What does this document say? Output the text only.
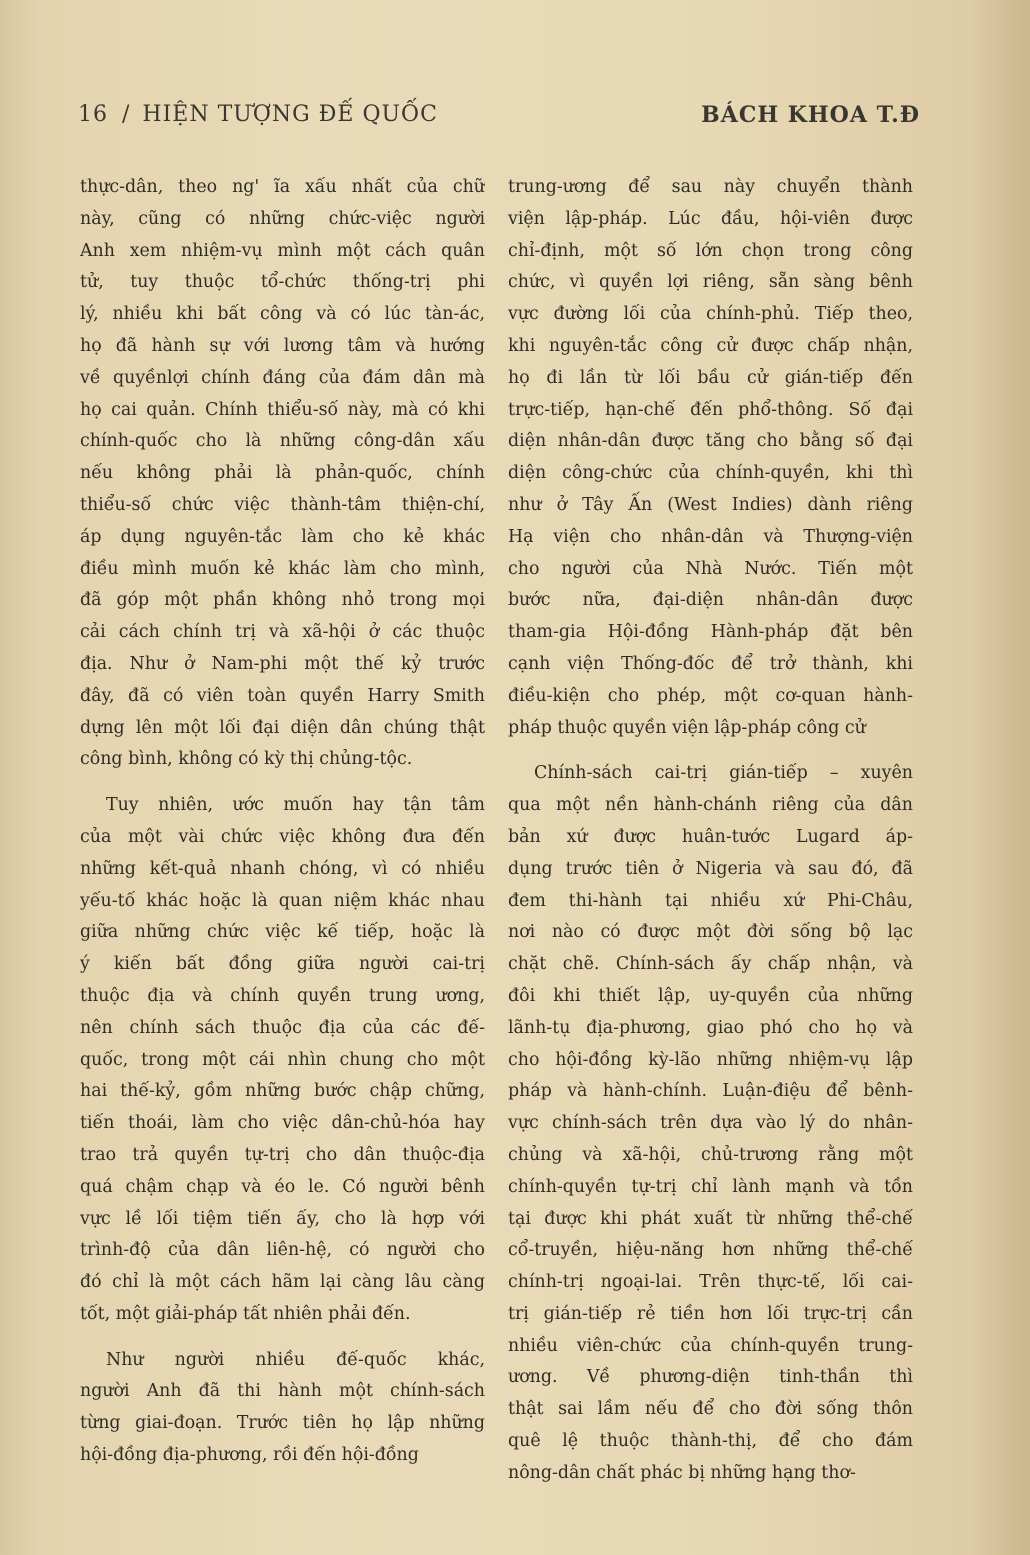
16 / HIỆN TƯỢNG ĐẾ QUỐC	BÁCH KHOA T.Đ

thực-dân, theo ng' ĩa xấu nhất của chữ
này, cũng có những chức-việc người
Anh xem nhiệm-vụ mình một cách quân
tử, tuy thuộc tổ-chức thống-trị phi
lý, nhiều khi bất công và có lúc tàn-ác,
họ đã hành sự với lương tâm và hướng
về quyềnlợi chính đáng của đám dân mà
họ cai quản. Chính thiểu-số này, mà có khi
chính-quốc cho là những công-dân xấu
nếu không phải là phản-quốc, chính
thiểu-số chức việc thành-tâm thiện-chí,
áp dụng nguyên-tắc làm cho kẻ khác
điều mình muốn kẻ khác làm cho mình,
đã góp một phần không nhỏ trong mọi
cải cách chính trị và xã-hội ở các thuộc
địa. Như ở Nam-phi một thế kỷ trước
đây, đã có viên toàn quyền Harry Smith
dựng lên một lối đại diện dân chúng thật
công bình, không có kỳ thị chủng-tộc.

Tuy nhiên, ước muốn hay tận tâm
của một vài chức việc không đưa đến
những kết-quả nhanh chóng, vì có nhiều
yếu-tố khác hoặc là quan niệm khác nhau
giữa những chức việc kế tiếp, hoặc là
ý kiến bất đồng giữa người cai-trị
thuộc địa và chính quyền trung ương,
nên chính sách thuộc địa của các đế-
quốc, trong một cái nhìn chung cho một
hai thế-kỷ, gồm những bước chập chững,
tiến thoái, làm cho việc dân-chủ-hóa hay
trao trả quyền tự-trị cho dân thuộc-địa
quá chậm chạp và éo le. Có người bênh
vực lề lối tiệm tiến ấy, cho là hợp với
trình-độ của dân liên-hệ, có người cho
đó chỉ là một cách hãm lại càng lâu càng
tốt, một giải-pháp tất nhiên phải đến.

Như người nhiều đế-quốc khác,
người Anh đã thi hành một chính-sách
từng giai-đoạn. Trước tiên họ lập những
hội-đồng địa-phương, rồi đến hội-đồng

trung-ương để sau này chuyển thành
viện lập-pháp. Lúc đầu, hội-viên được
chỉ-định, một số lớn chọn trong công
chức, vì quyền lợi riêng, sẵn sàng bênh
vực đường lối của chính-phủ. Tiếp theo,
khi nguyên-tắc công cử được chấp nhận,
họ đi lần từ lối bầu cử gián-tiếp đến
trực-tiếp, hạn-chế đến phổ-thông. Số đại
diện nhân-dân được tăng cho bằng số đại
diện công-chức của chính-quyền, khi thì
như ở Tây Ấn (West Indies) dành riêng
Hạ viện cho nhân-dân và Thượng-viện
cho người của Nhà Nước. Tiến một
bước nữa, đại-diện nhân-dân được
tham-gia Hội-đồng Hành-pháp đặt bên
cạnh viện Thống-đốc để trở thành, khi
điều-kiện cho phép, một cơ-quan hành-
pháp thuộc quyền viện lập-pháp công cử

Chính-sách cai-trị gián-tiếp – xuyên
qua một nền hành-chánh riêng của dân
bản xứ được huân-tước Lugard áp-
dụng trước tiên ở Nigeria và sau đó, đã
đem thi-hành tại nhiều xứ Phi-Châu,
nơi nào có được một đời sống bộ lạc
chặt chẽ. Chính-sách ấy chấp nhận, và
đôi khi thiết lập, uy-quyền của những
lãnh-tụ địa-phương, giao phó cho họ và
cho hội-đồng kỳ-lão những nhiệm-vụ lập
pháp và hành-chính. Luận-điệu để bênh-
vực chính-sách trên dựa vào lý do nhân-
chủng và xã-hội, chủ-trương rằng một
chính-quyền tự-trị chỉ lành mạnh và tồn
tại được khi phát xuất từ những thể-chế
cổ-truyền, hiệu-năng hơn những thể-chế
chính-trị ngoại-lai. Trên thực-tế, lối cai-
trị gián-tiếp rẻ tiền hơn lối trực-trị cần
nhiều viên-chức của chính-quyền trung-
ương. Về phương-diện tinh-thần thì
thật sai lầm nếu để cho đời sống thôn
quê lệ thuộc thành-thị, để cho đám
nông-dân chất phác bị những hạng thơ-
